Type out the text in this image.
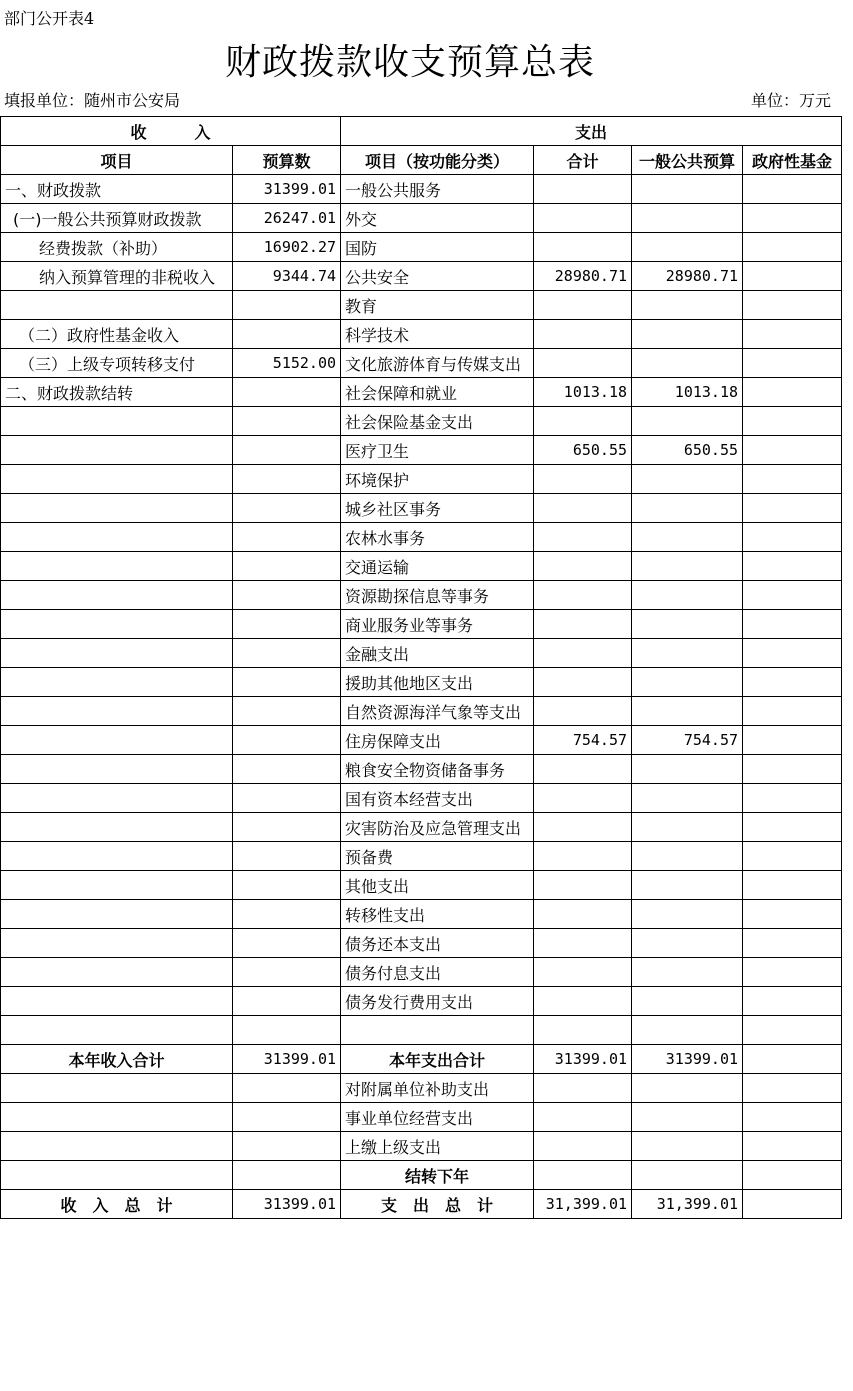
部门公开表4
财政拨款收支预算总表
填报单位：随州市公安局	单位：万元
收　　　入		支出			
项目	预算数	项目（按功能分类）	合计	一般公共预算	政府性基金
一、财政拨款	31399.01	一般公共服务			
(一)一般公共预算财政拨款	26247.01	外交			
经费拨款（补助）	16902.27	国防			
纳入预算管理的非税收入	9344.74	公共安全	28980.71	28980.71	
		教育			
（二）政府性基金收入		科学技术			
（三）上级专项转移支付	5152.00	文化旅游体育与传媒支出			
二、财政拨款结转		社会保障和就业	1013.18	1013.18	
		社会保险基金支出			
		医疗卫生	650.55	650.55	
		环境保护			
		城乡社区事务			
		农林水事务			
		交通运输			
		资源勘探信息等事务			
		商业服务业等事务			
		金融支出			
		援助其他地区支出			
		自然资源海洋气象等支出			
		住房保障支出	754.57	754.57	
		粮食安全物资储备事务			
		国有资本经营支出			
		灾害防治及应急管理支出			
		预备费			
		其他支出			
		转移性支出			
		债务还本支出			
		债务付息支出			
		债务发行费用支出			

本年收入合计	31399.01	本年支出合计	31399.01	31399.01	
		对附属单位补助支出			
		事业单位经营支出			
		上缴上级支出			
		结转下年			
收　入　总　计	31399.01	支　出　总　计	31,399.01	31,399.01	
